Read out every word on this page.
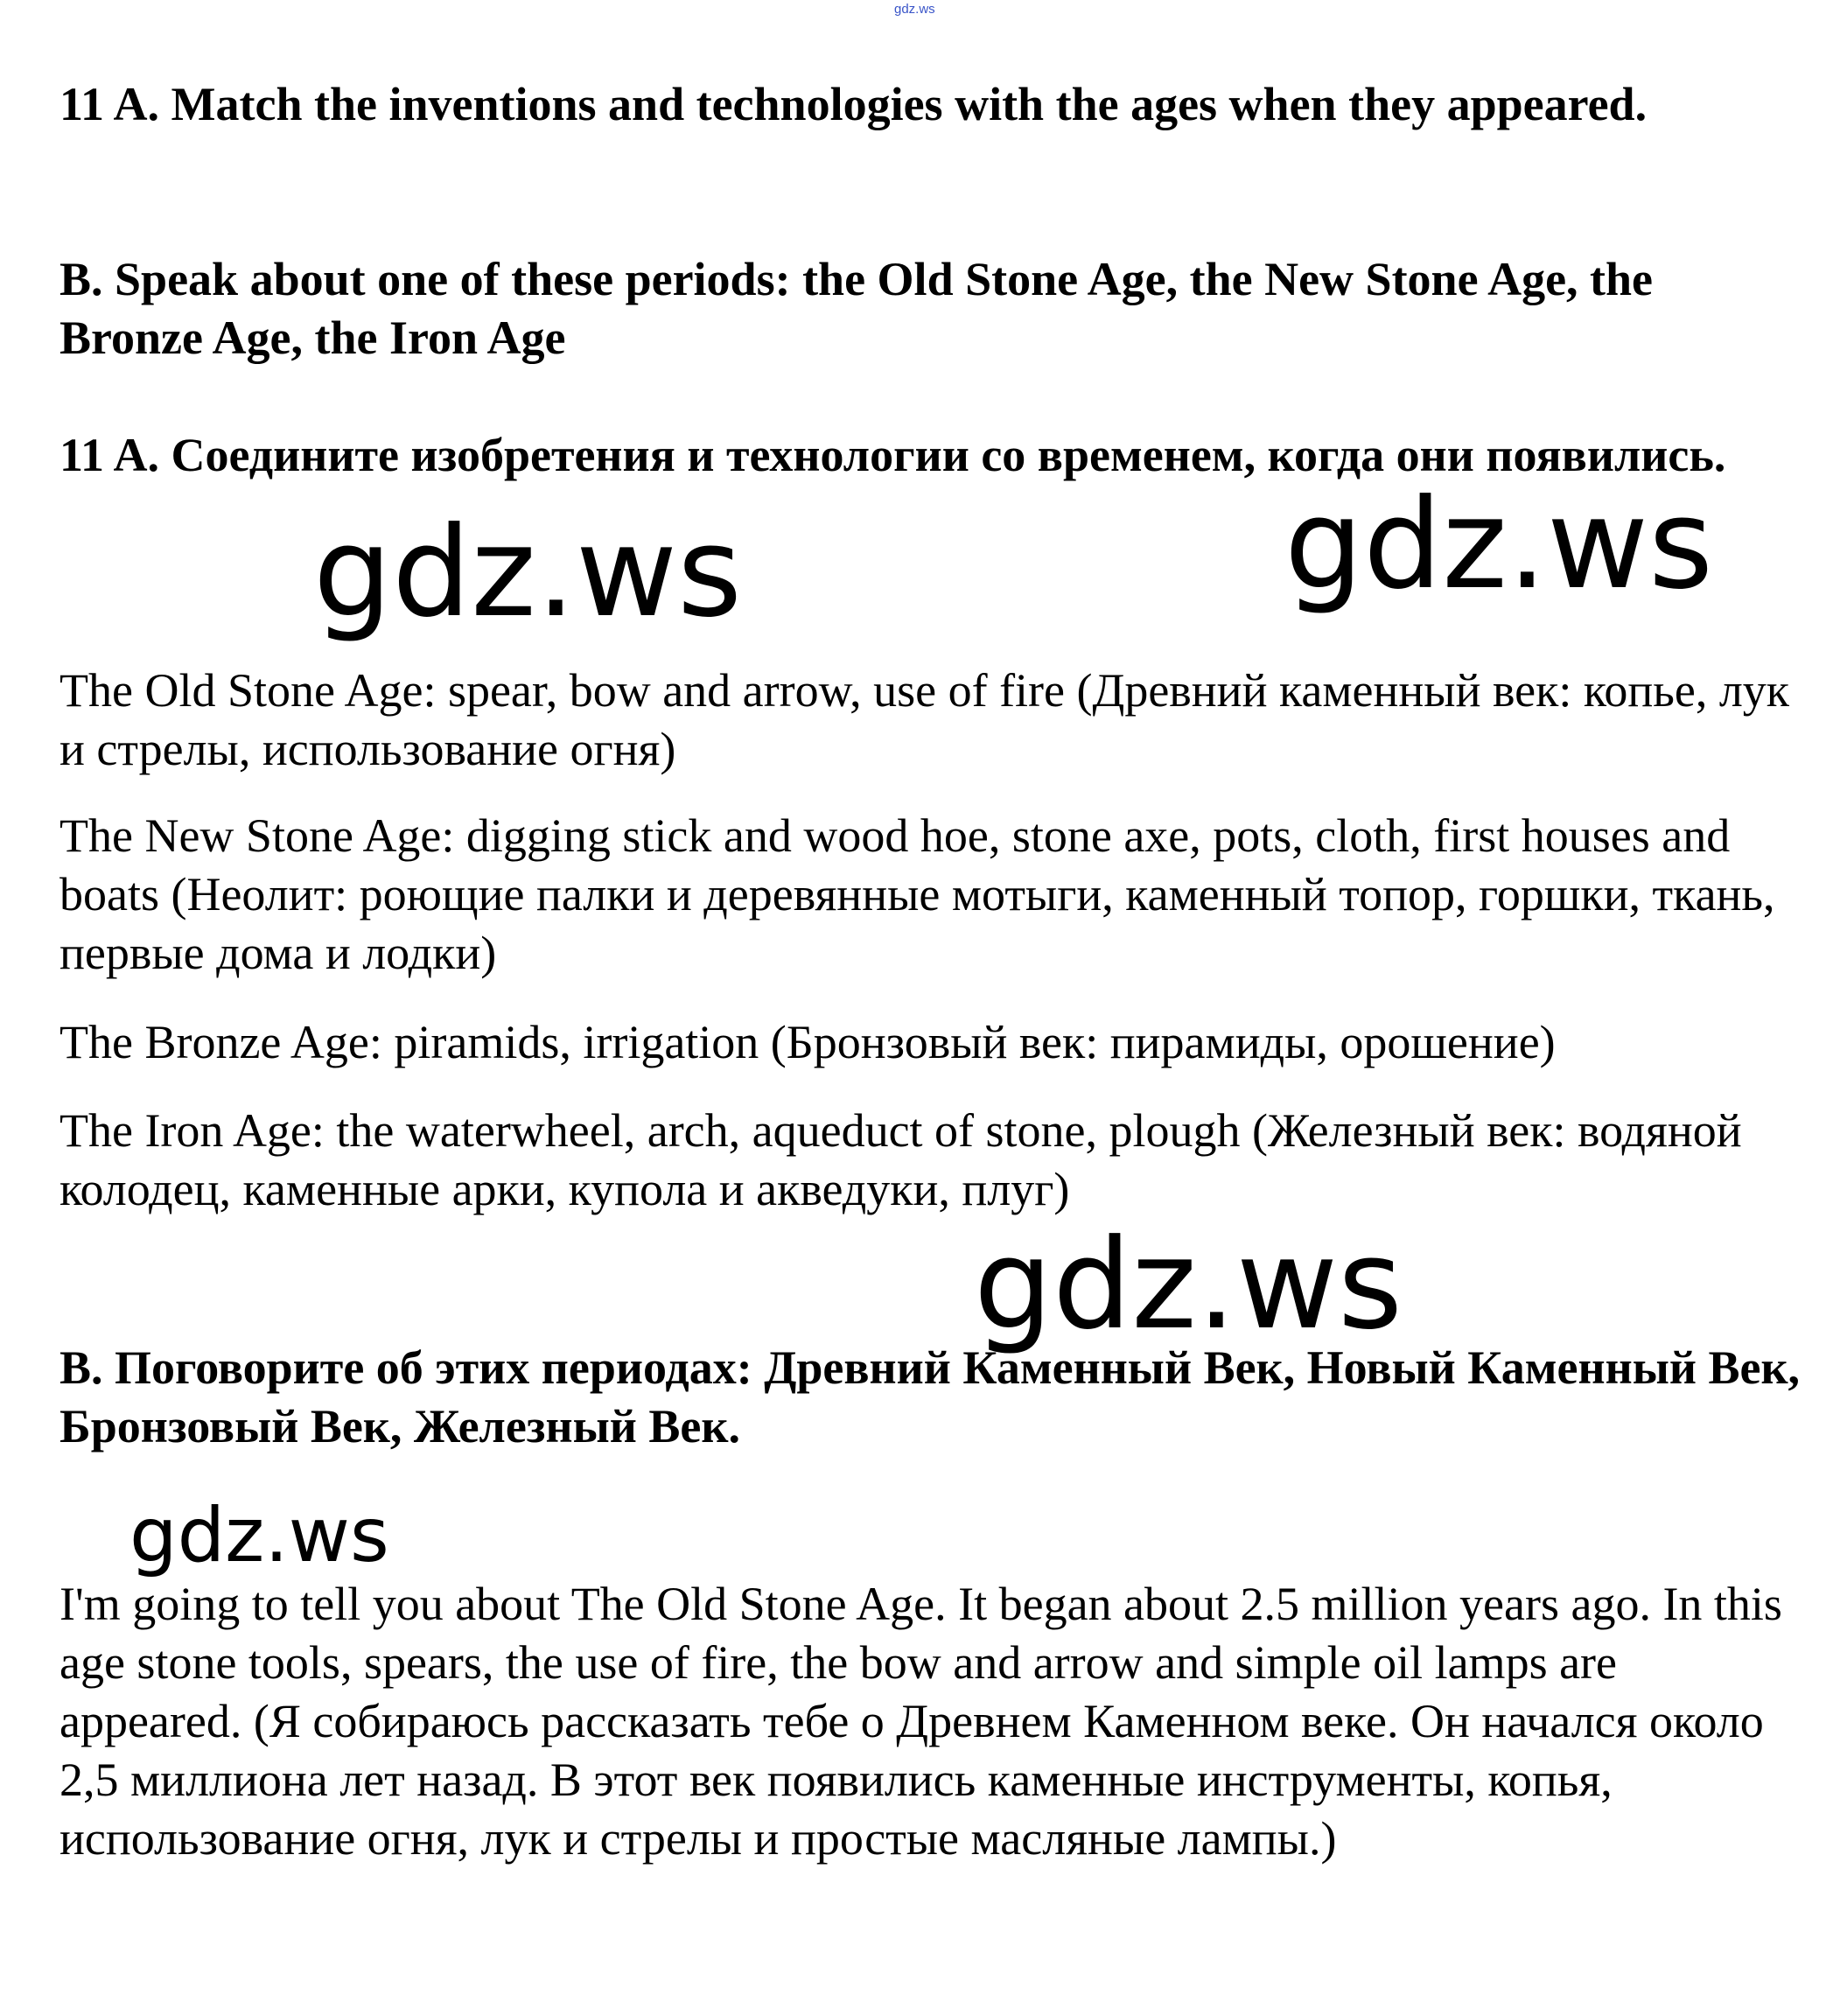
gdz.ws

11 A. Match the inventions and technologies with the ages when they appeared.

B. Speak about one of these periods: the Old Stone Age, the New Stone Age, the Bronze Age, the Iron Age

11 A. Соедините изобретения и технологии со временем, когда они появились.

gdz.ws	gdz.ws

The Old Stone Age: spear, bow and arrow, use of fire (Древний каменный век: копье, лук и стрелы, использование огня)

The New Stone Age: digging stick and wood hoe, stone axe, pots, cloth, first houses and boats (Неолит: роющие палки и деревянные мотыги, каменный топор, горшки, ткань, первые дома и лодки)

The Bronze Age: piramids, irrigation (Бронзовый век: пирамиды, орошение)

The Iron Age: the waterwheel, arch, aqueduct of stone, plough (Железный век: водяной колодец, каменные арки, купола и акведуки, плуг)

gdz.ws

B. Поговорите об этих периодах: Древний Каменный Век, Новый Каменный Век, Бронзовый Век, Железный Век.

gdz.ws

I'm going to tell you about The Old Stone Age. It began about 2.5 million years ago. In this age stone tools, spears, the use of fire, the bow and arrow and simple oil lamps are appeared. (Я собираюсь рассказать тебе о Древнем Каменном веке. Он начался около 2,5 миллиона лет назад. В этот век появились каменные инструменты, копья, использование огня, лук и стрелы и простые масляные лампы.)
